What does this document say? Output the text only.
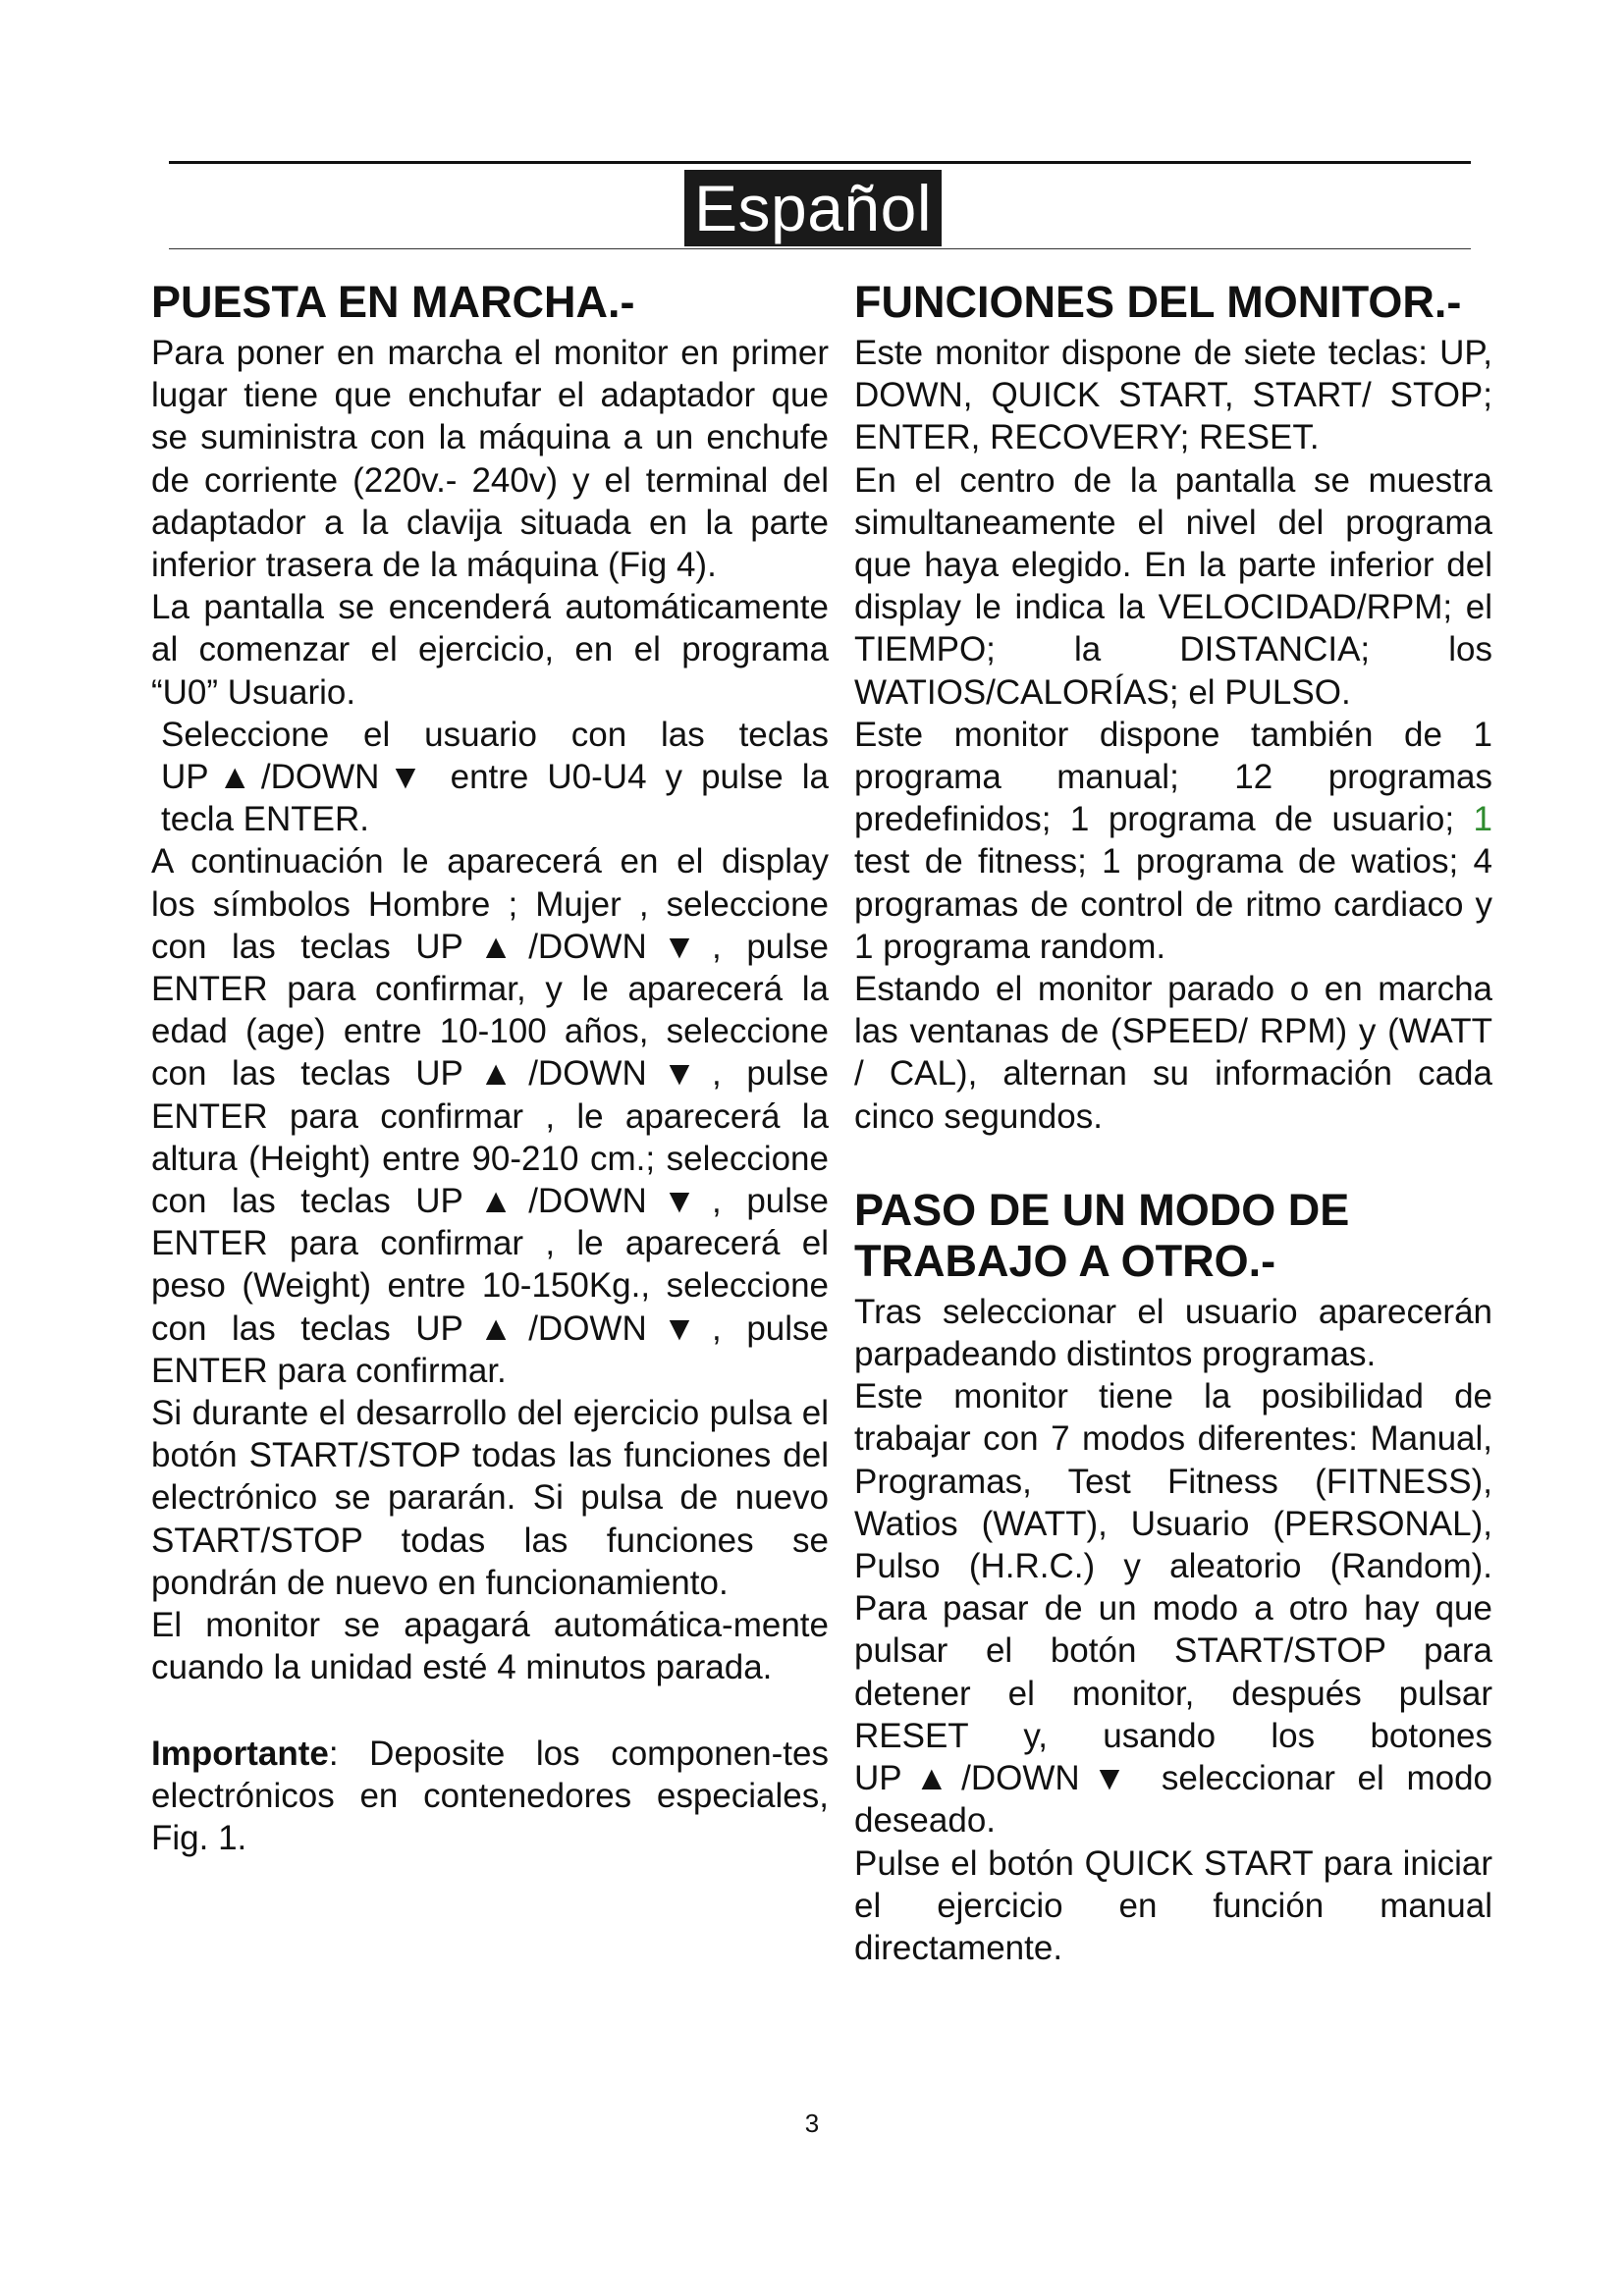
Español
PUESTA EN MARCHA.-

Para poner en marcha el monitor en primer lugar tiene que enchufar el adaptador que se suministra con la máquina a un enchufe de corriente (220v.- 240v) y el terminal del adaptador a la clavija situada en la parte inferior trasera de la máquina (Fig 4).

La pantalla se encenderá automáticamente al comenzar el ejercicio, en el programa “U0” Usuario.

Seleccione el usuario con las teclas UP▲/DOWN▼ entre U0-U4 y pulse la tecla ENTER.

A continuación le aparecerá en el display los símbolos Hombre ; Mujer , seleccione con las teclas UP▲/DOWN▼, pulse ENTER para confirmar, y le aparecerá la edad (age) entre 10-100 años, seleccione con las teclas UP▲/DOWN▼, pulse ENTER para confirmar , le aparecerá la altura (Height) entre 90-210 cm.; seleccione con las teclas UP▲/DOWN▼, pulse ENTER para confirmar , le aparecerá el peso (Weight) entre 10-150Kg., seleccione con las teclas UP▲/DOWN▼, pulse ENTER para confirmar.

Si durante el desarrollo del ejercicio pulsa el botón START/STOP todas las funciones del electrónico se pararán. Si pulsa de nuevo START/STOP todas las funciones se pondrán de nuevo en funcionamiento.

El monitor se apagará automática-mente cuando la unidad esté 4 minutos parada.

Importante: Deposite los componen-tes electrónicos en contenedores especiales, Fig. 1.

FUNCIONES DEL MONITOR.-

Este monitor dispone de siete teclas: UP, DOWN, QUICK START, START/ STOP; ENTER, RECOVERY; RESET.

En el centro de la pantalla se muestra simultaneamente el nivel del programa que haya elegido. En la parte inferior del display le indica la VELOCIDAD/RPM; el TIEMPO; la DISTANCIA; los WATIOS/CALORÍAS; el PULSO.

Este monitor dispone también de 1 programa manual; 12 programas predefinidos; 1 programa de usuario; 1 test de fitness; 1 programa de watios; 4 programas de control de ritmo cardiaco y 1 programa random.

Estando el monitor parado o en marcha las ventanas de (SPEED/ RPM) y (WATT / CAL), alternan su información cada cinco segundos.

PASO DE UN MODO DE TRABAJO A OTRO.-

Tras seleccionar el usuario aparecerán parpadeando distintos programas.

Este monitor tiene la posibilidad de trabajar con 7 modos diferentes: Manual, Programas, Test Fitness (FITNESS), Watios (WATT), Usuario (PERSONAL), Pulso (H.R.C.) y aleatorio (Random). Para pasar de un modo a otro hay que pulsar el botón START/STOP para detener el monitor, después pulsar RESET y, usando los botones UP▲/DOWN▼ seleccionar el modo deseado.

Pulse el botón QUICK START para iniciar el ejercicio en función manual directamente.

3
